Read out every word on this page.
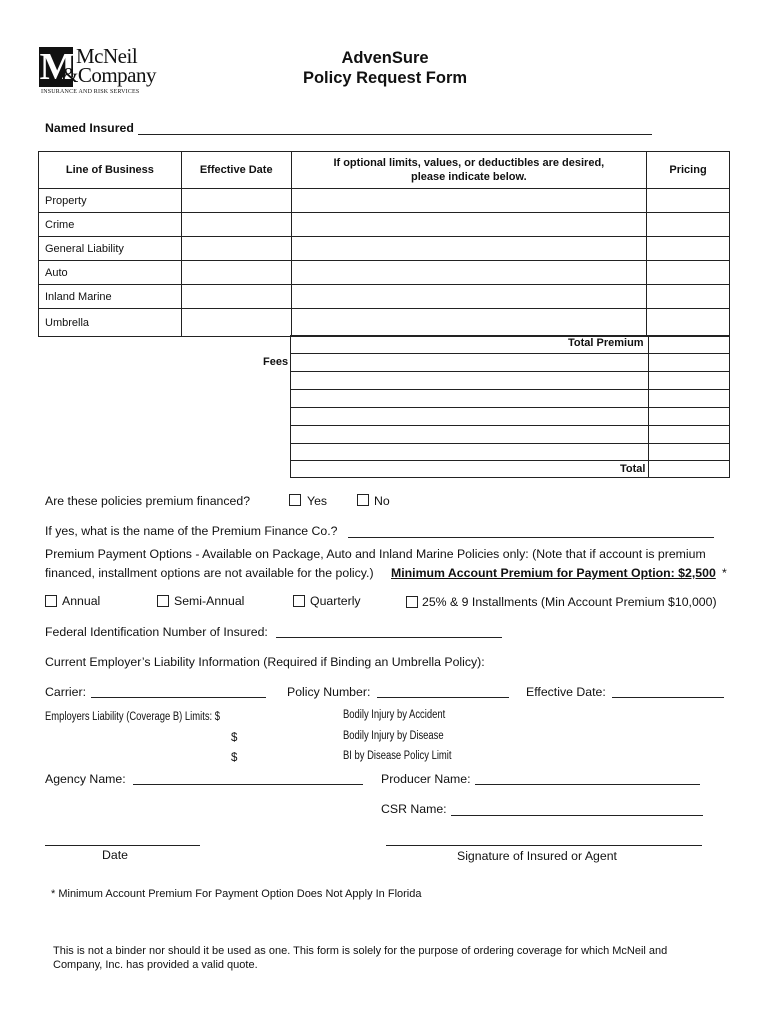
M McNeil
&Company
INSURANCE AND RISK SERVICES
AdvenSure
Policy Request Form
Named Insured
Line of Business	Effective Date	If optional limits, values, or deductibles are desired, please indicate below.	Pricing
Property			
Crime			
General Liability			
Auto			
Inland Marine			
Umbrella			
Total Premium
Fees
Total
Are these policies premium financed?	Yes	No
If yes, what is the name of the Premium Finance Co.?
Premium Payment Options - Available on Package, Auto and Inland Marine Policies only: (Note that if account is premium
financed, installment options are not available for the policy.) Minimum Account Premium for Payment Option: $2,500 *
Annual	Semi-Annual	Quarterly	25% & 9 Installments (Min Account Premium $10,000)
Federal Identification Number of Insured:
Current Employer’s Liability Information (Required if Binding an Umbrella Policy):
Carrier:	Policy Number:	Effective Date:
Employers Liability (Coverage B) Limits: $	Bodily Injury by Accident
$	Bodily Injury by Disease
$	BI by Disease Policy Limit
Agency Name:	Producer Name:
CSR Name:
Date	Signature of Insured or Agent
* Minimum Account Premium For Payment Option Does Not Apply In Florida
This is not a binder nor should it be used as one. This form is solely for the purpose of ordering coverage for which McNeil and
Company, Inc. has provided a valid quote.
